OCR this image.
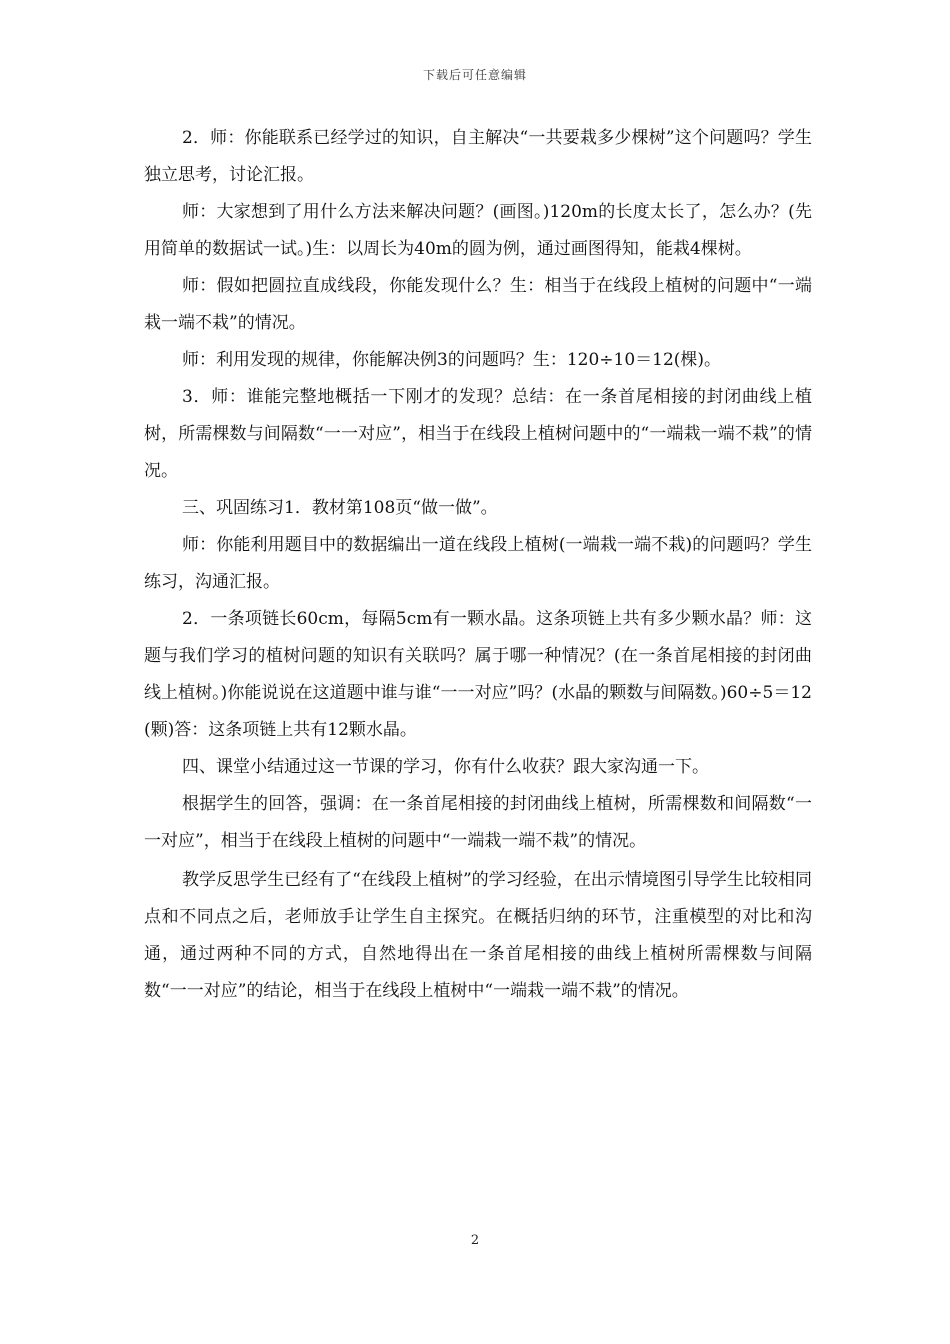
下载后可任意编辑

2．师：你能联系已经学过的知识，自主解决“一共要栽多少棵树”这个问题吗？学生独立思考，讨论汇报。

师：大家想到了用什么方法来解决问题？(画图。)120m的长度太长了，怎么办？(先用简单的数据试一试。)生：以周长为40m的圆为例，通过画图得知，能栽4棵树。

师：假如把圆拉直成线段，你能发现什么？生：相当于在线段上植树的问题中“一端栽一端不栽”的情况。

师：利用发现的规律，你能解决例3的问题吗？生：120÷10＝12(棵)。

3．师：谁能完整地概括一下刚才的发现？总结：在一条首尾相接的封闭曲线上植树，所需棵数与间隔数“一一对应”，相当于在线段上植树问题中的“一端栽一端不栽”的情况。

三、巩固练习1．教材第108页“做一做”。

师：你能利用题目中的数据编出一道在线段上植树(一端栽一端不栽)的问题吗？学生练习，沟通汇报。

2．一条项链长60cm，每隔5cm有一颗水晶。这条项链上共有多少颗水晶？师：这题与我们学习的植树问题的知识有关联吗？属于哪一种情况？(在一条首尾相接的封闭曲线上植树。)你能说说在这道题中谁与谁“一一对应”吗？(水晶的颗数与间隔数。)60÷5＝12(颗)答：这条项链上共有12颗水晶。

四、课堂小结通过这一节课的学习，你有什么收获？跟大家沟通一下。

根据学生的回答，强调：在一条首尾相接的封闭曲线上植树，所需棵数和间隔数“一一对应”，相当于在线段上植树的问题中“一端栽一端不栽”的情况。

教学反思学生已经有了“在线段上植树”的学习经验，在出示情境图引导学生比较相同点和不同点之后，老师放手让学生自主探究。在概括归纳的环节，注重模型的对比和沟通，通过两种不同的方式，自然地得出在一条首尾相接的曲线上植树所需棵数与间隔数“一一对应”的结论，相当于在线段上植树中“一端栽一端不栽”的情况。

2
